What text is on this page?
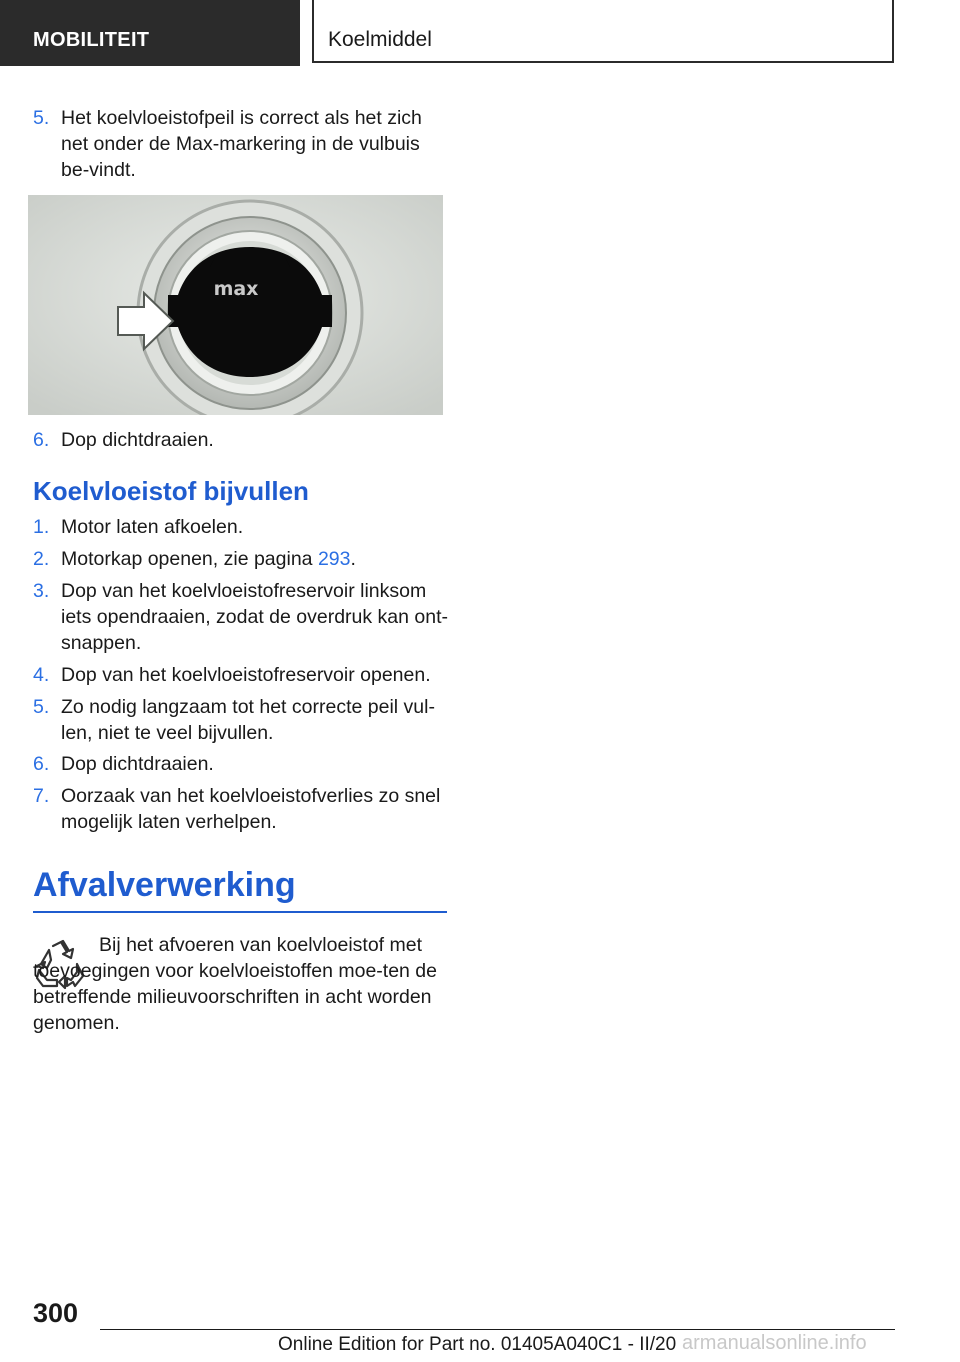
MOBILITEIT	Koelmiddel
5. Het koelvloeistofpeil is correct als het zich net onder de Max-markering in de vulbuis be-vindt.
max
6. Dop dichtdraaien.
Koelvloeistof bijvullen
1. Motor laten afkoelen.
2. Motorkap openen, zie pagina 293.
3. Dop van het koelvloeistofreservoir linksom iets opendraaien, zodat de overdruk kan ont-snappen.
4. Dop van het koelvloeistofreservoir openen.
5. Zo nodig langzaam tot het correcte peil vul-len, niet te veel bijvullen.
6. Dop dichtdraaien.
7. Oorzaak van het koelvloeistofverlies zo snel mogelijk laten verhelpen.
Afvalverwerking
Bij het afvoeren van koelvloeistof met toevoegingen voor koelvloeistoffen moe-ten de betreffende milieuvoorschriften in acht worden genomen.
300
Online Edition for Part no. 01405A040C1 - II/20 armanualsonline.info
